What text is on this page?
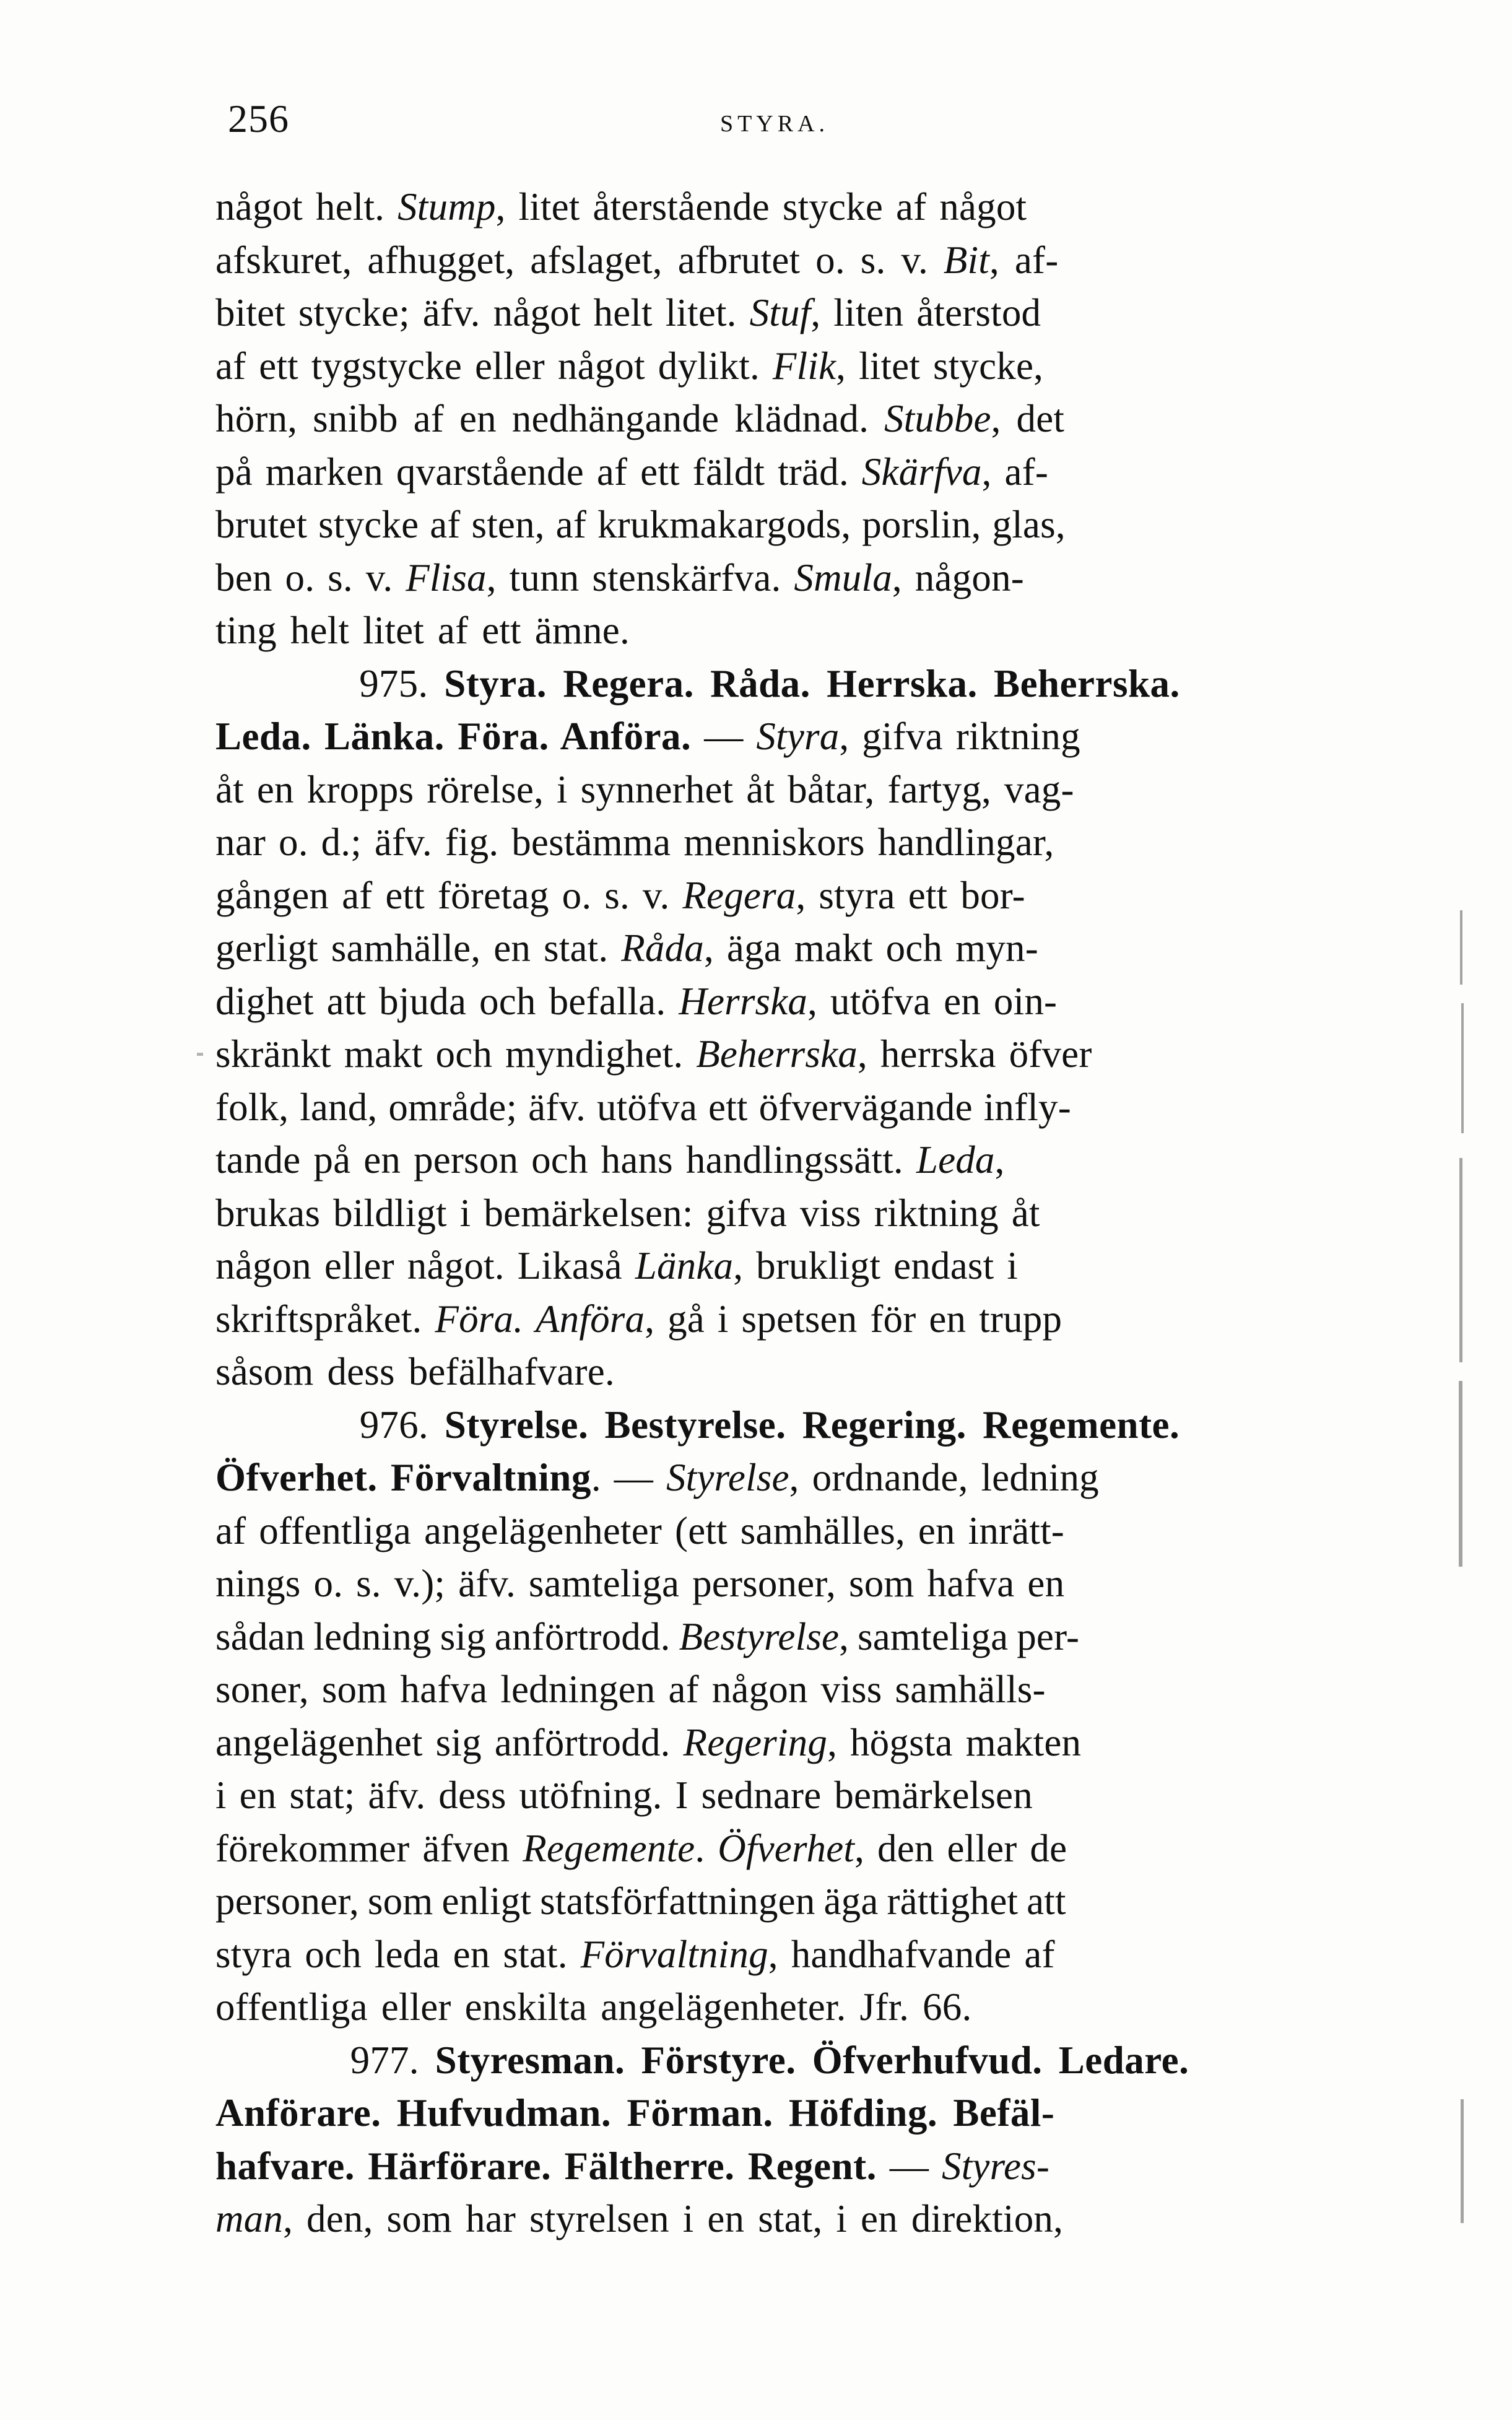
256	STYRA.
något helt. Stump, litet återstående stycke af något
afskuret, afhugget, afslaget, afbrutet o. s. v. Bit, af-
bitet stycke; äfv. något helt litet. Stuf, liten återstod
af ett tygstycke eller något dylikt. Flik, litet stycke,
hörn, snibb af en nedhängande klädnad. Stubbe, det
på marken qvarstående af ett fäldt träd. Skärfva, af-
brutet stycke af sten, af krukmakargods, porslin, glas,
ben o. s. v. Flisa, tunn stenskärfva. Smula, någon-
ting helt litet af ett ämne.
975. Styra. Regera. Råda. Herrska. Beherrska.
Leda. Länka. Föra. Anföra. — Styra, gifva riktning
åt en kropps rörelse, i synnerhet åt båtar, fartyg, vag-
nar o. d.; äfv. fig. bestämma menniskors handlingar,
gången af ett företag o. s. v. Regera, styra ett bor-
gerligt samhälle, en stat. Råda, äga makt och myn-
dighet att bjuda och befalla. Herrska, utöfva en oin-
skränkt makt och myndighet. Beherrska, herrska öfver
folk, land, område; äfv. utöfva ett öfvervägande infly-
tande på en person och hans handlingssätt. Leda,
brukas bildligt i bemärkelsen: gifva viss riktning åt
någon eller något. Likaså Länka, brukligt endast i
skriftspråket. Föra. Anföra, gå i spetsen för en trupp
såsom dess befälhafvare.
976. Styrelse. Bestyrelse. Regering. Regemente.
Öfverhet. Förvaltning. — Styrelse, ordnande, ledning
af offentliga angelägenheter (ett samhälles, en inrätt-
nings o. s. v.); äfv. samteliga personer, som hafva en
sådan ledning sig anförtrodd. Bestyrelse, samteliga per-
soner, som hafva ledningen af någon viss samhälls-
angelägenhet sig anförtrodd. Regering, högsta makten
i en stat; äfv. dess utöfning. I sednare bemärkelsen
förekommer äfven Regemente. Öfverhet, den eller de
personer, som enligt statsförfattningen äga rättighet att
styra och leda en stat. Förvaltning, handhafvande af
offentliga eller enskilta angelägenheter. Jfr. 66.
977. Styresman. Förstyre. Öfverhufvud. Ledare.
Anförare. Hufvudman. Förman. Höfding. Befäl-
hafvare. Härförare. Fältherre. Regent. — Styres-
man, den, som har styrelsen i en stat, i en direktion,
